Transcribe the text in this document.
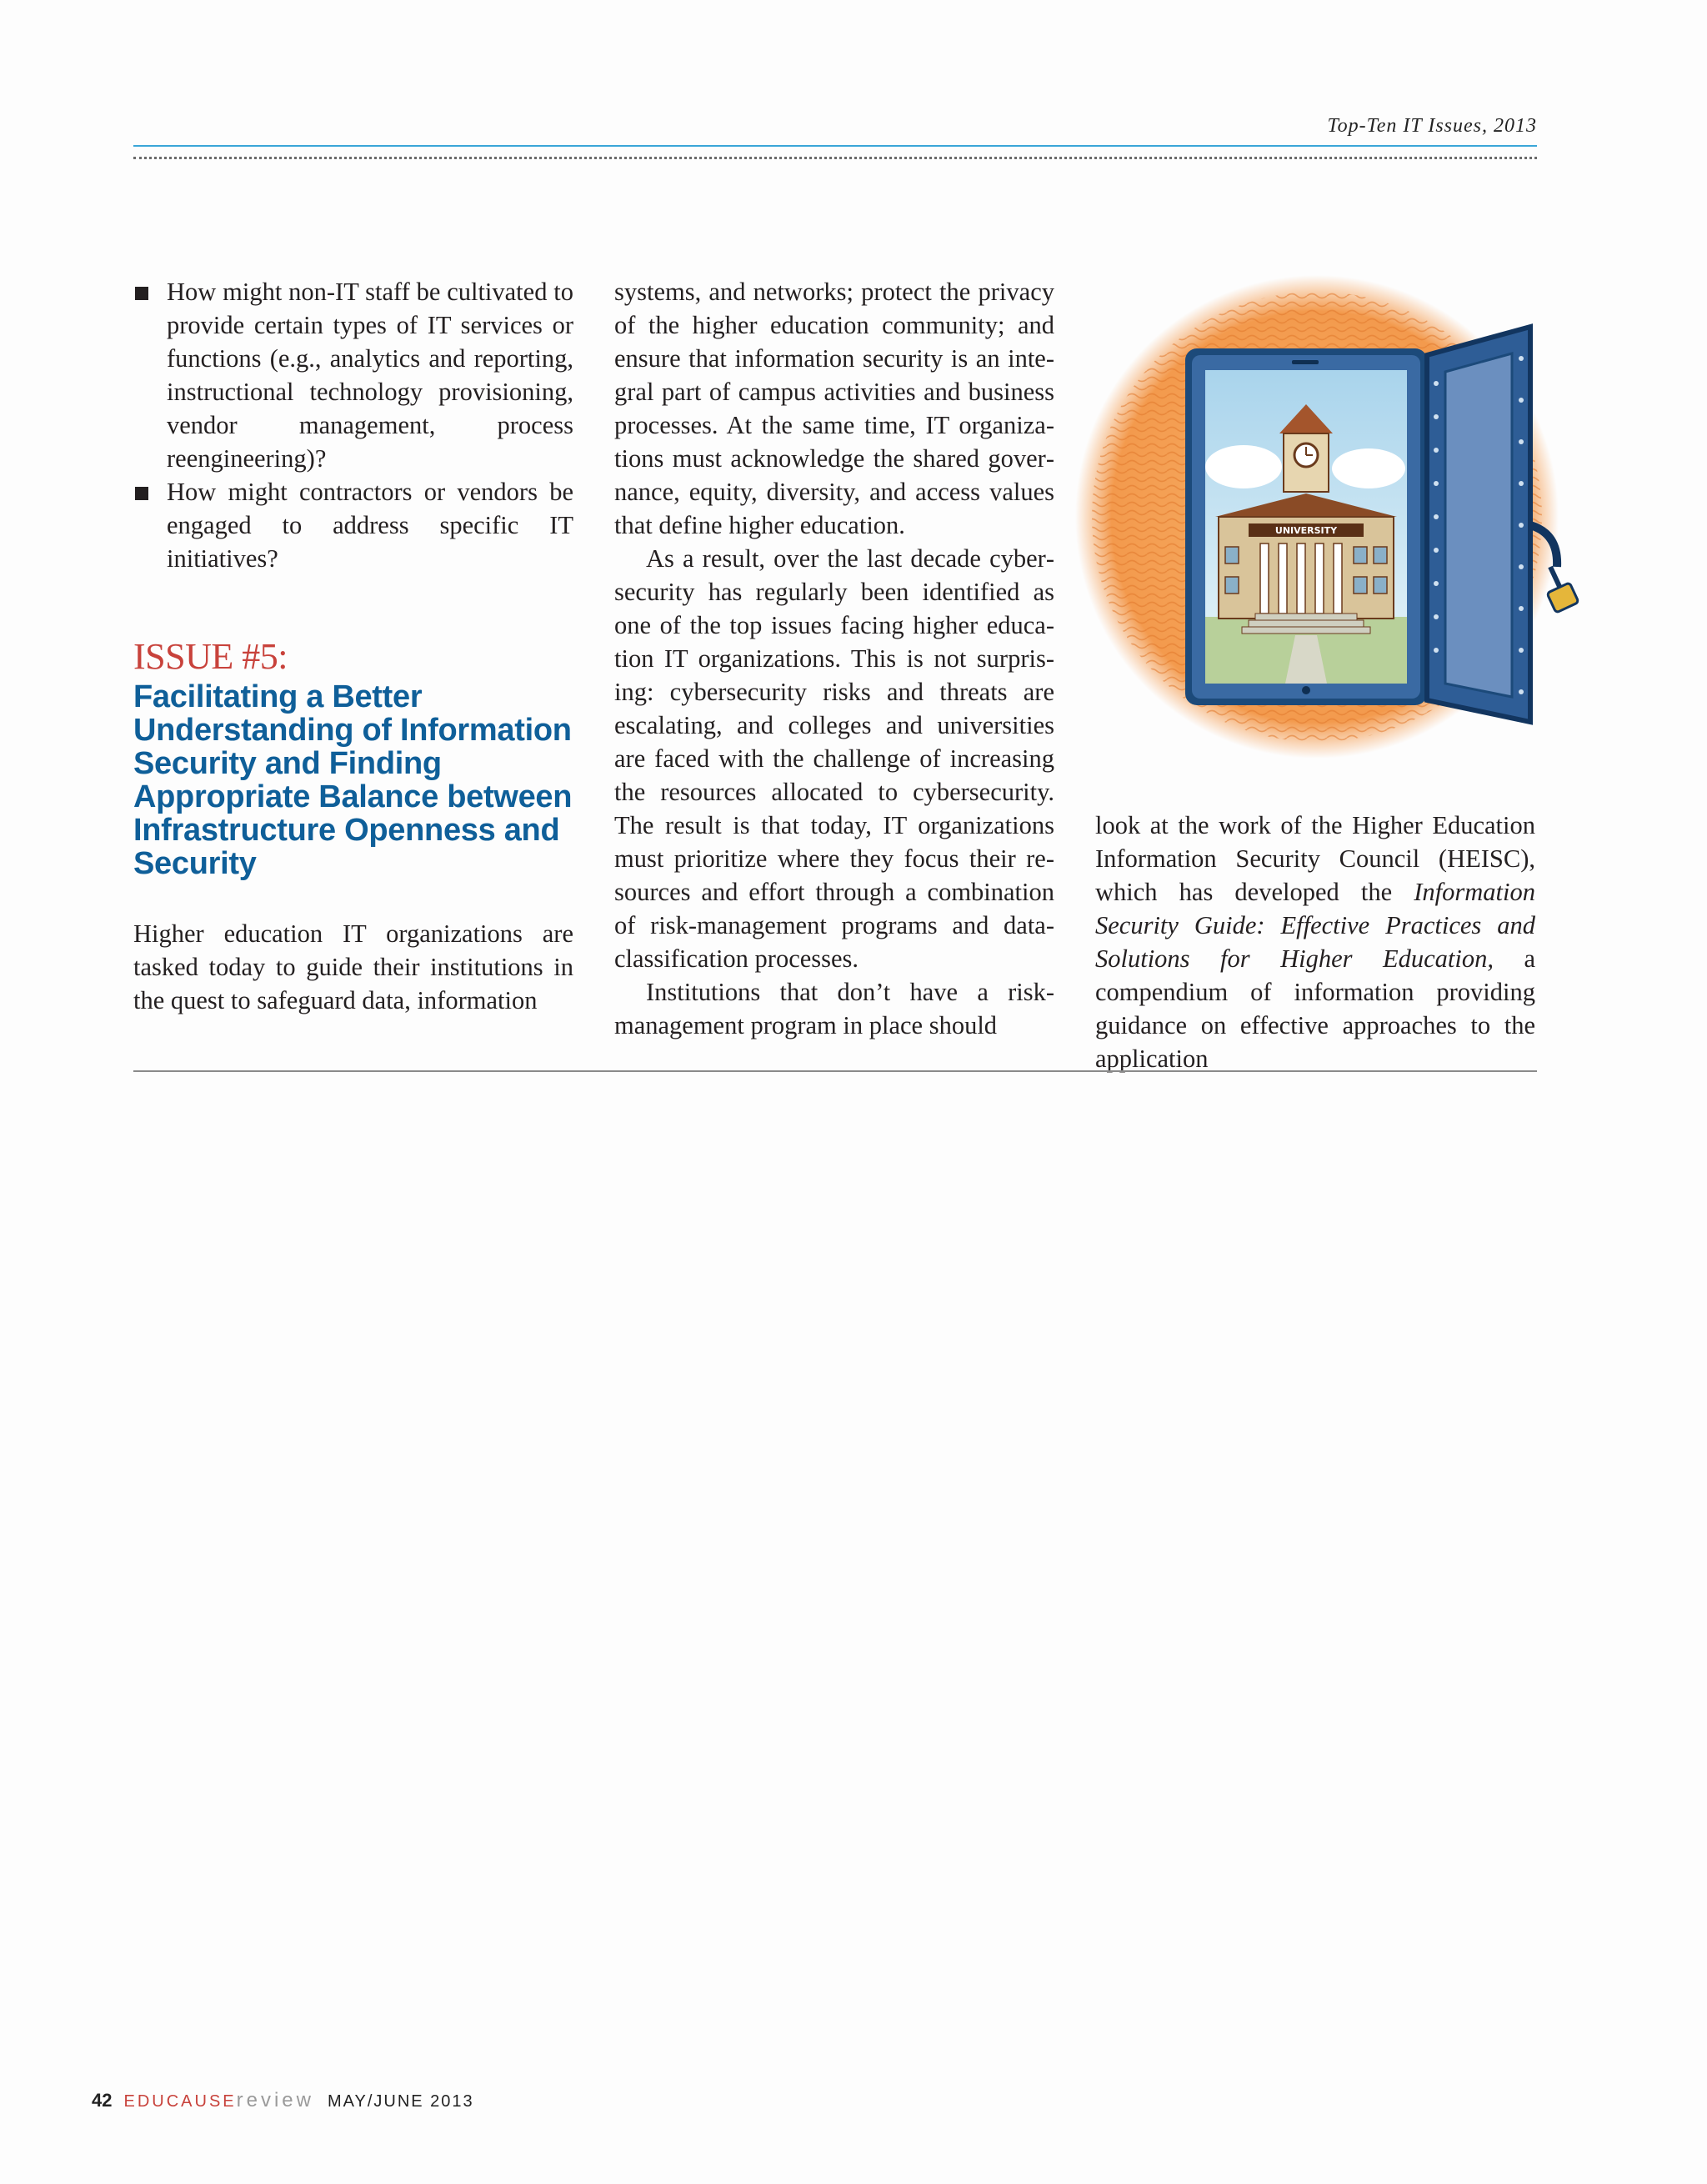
Top-Ten IT Issues, 2013
How might non-IT staff be cultivated to provide certain types of IT services or functions (e.g., analytics and reporting, instructional technology provisioning, vendor management, process reengineering)?
How might contractors or vendors be engaged to address specific IT initiatives?
ISSUE #5:
Facilitating a Better Understanding of Information Security and Finding Appropriate Balance between Infrastructure Openness and Security

Higher education IT organizations are tasked today to guide their institutions in the quest to safeguard data, information

systems, and networks; protect the privacy of the higher education community; and ensure that information security is an integral part of campus activities and business processes. At the same time, IT organizations must acknowledge the shared governance, equity, diversity, and access values that define higher education.

As a result, over the last decade cybersecurity has regularly been identified as one of the top issues facing higher education IT organizations. This is not surprising: cybersecurity risks and threats are escalating, and colleges and universities are faced with the challenge of increasing the resources allocated to cybersecurity. The result is that today, IT organizations must prioritize where they focus their resources and effort through a combination of risk-management programs and data-classification processes.

Institutions that don’t have a risk-management program in place should

UNIVERSITY

look at the work of the Higher Education Information Security Council (HEISC), which has developed the Information Security Guide: Effective Practices and Solutions for Higher Education, a compendium of information providing guidance on effective approaches to the application

42 EDUCAUSEreview MAY/JUNE 2013
